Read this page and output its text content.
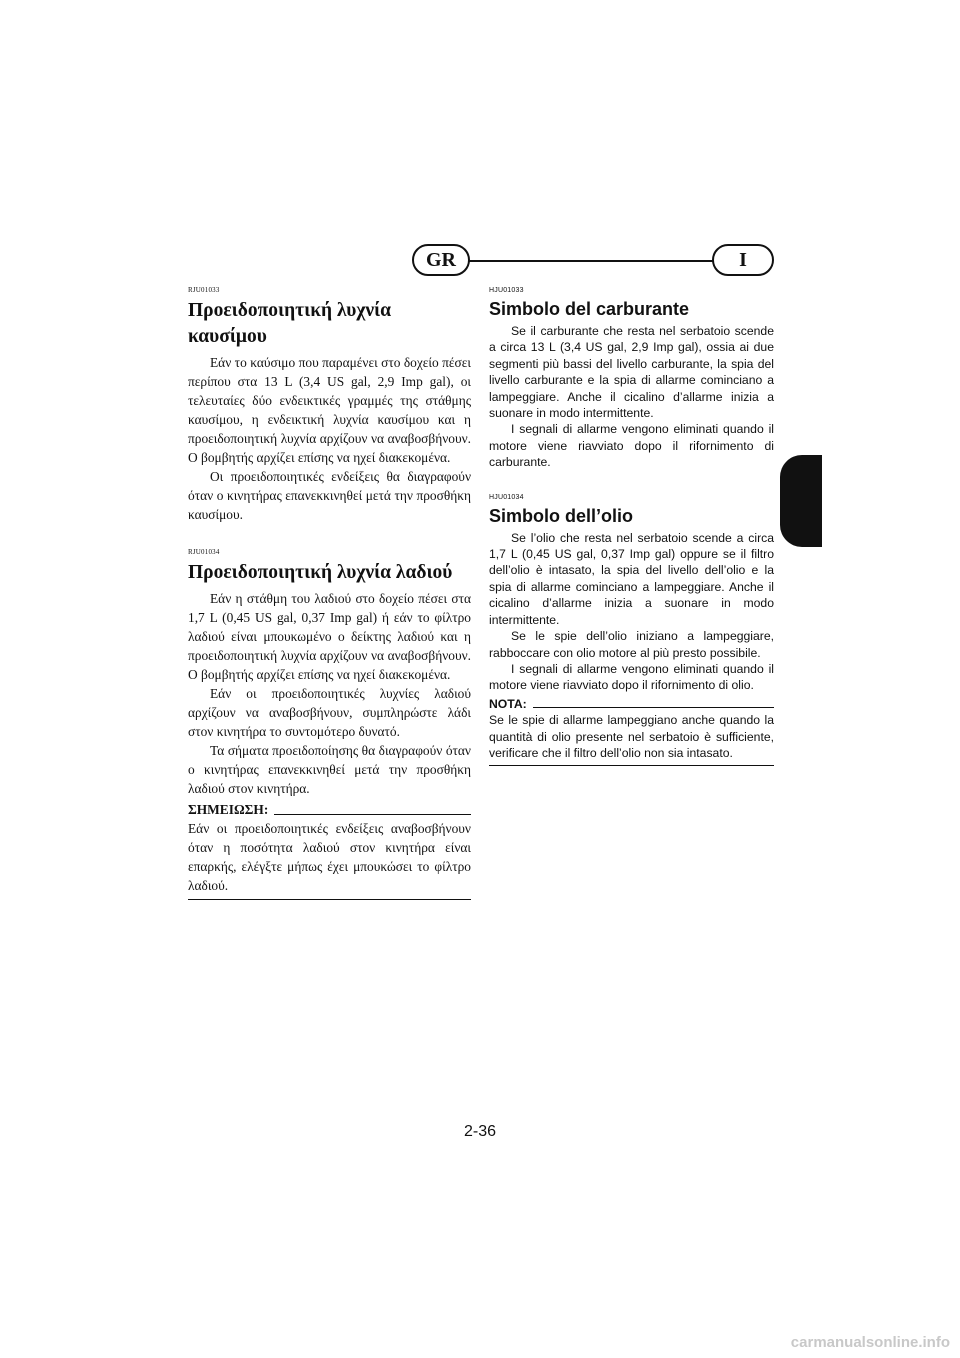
GR	I
RJU01033
Προειδοποιητική λυχνία
καυσίμου

Εάν το καύσιμο που παραμένει στο δοχείο πέσει περίπου στα 13 L (3,4 US gal, 2,9 Imp gal), οι τελευταίες δύο ενδεικτικές γραμμές της στάθμης καυσίμου, η ενδεικτική λυχνία καυσίμου και η προειδοποιητική λυχνία αρχίζουν να αναβοσβήνουν. Ο βομβητής αρχίζει επίσης να ηχεί διακεκομένα.

Οι προειδοποιητικές ενδείξεις θα διαγραφούν όταν ο κινητήρας επανεκκινηθεί μετά την προσθήκη καυσίμου.

RJU01034
Προειδοποιητική λυχνία λαδιού

Εάν η στάθμη του λαδιού στο δοχείο πέσει στα 1,7 L (0,45 US gal, 0,37 Imp gal) ή εάν το φίλτρο λαδιού είναι μπουκωμένο ο δείκτης λαδιού και η προειδοποιητική λυχνία αρχίζουν να αναβοσβήνουν. Ο βομβητής αρχίζει επίσης να ηχεί διακεκομένα.

Εάν οι προειδοποιητικές λυχνίες λαδιού αρχίζουν να αναβοσβήνουν, συμπληρώστε λάδι στον κινητήρα το συντομότερο δυνατό.

Τα σήματα προειδοποίησης θα διαγραφούν όταν ο κινητήρας επανεκκινηθεί μετά την προσθήκη λαδιού στον κινητήρα.

ΣΗΜΕΙΩΣΗ:

Εάν οι προειδοποιητικές ενδείξεις αναβοσβήνουν όταν η ποσότητα λαδιού στον κινητήρα είναι επαρκής, ελέγξτε μήπως έχει μπουκώσει το φίλτρο λαδιού.

HJU01033
Simbolo del carburante

Se il carburante che resta nel serbatoio scende a circa 13 L (3,4 US gal, 2,9 Imp gal), ossia ai due segmenti più bassi del livello carburante, la spia del livello carburante e la spia di allarme cominciano a lampeggiare. Anche il cicalino d’allarme inizia a suonare in modo intermittente.

I segnali di allarme vengono eliminati quando il motore viene riavviato dopo il rifornimento di carburante.

HJU01034
Simbolo dell’olio

Se l’olio che resta nel serbatoio scende a circa 1,7 L (0,45 US gal, 0,37 Imp gal) oppure se il filtro dell’olio è intasato, la spia del livello dell’olio e la spia di allarme cominciano a lampeggiare. Anche il cicalino d’allarme inizia a suonare in modo intermittente.

Se le spie dell’olio iniziano a lampeggiare, rabboccare con olio motore al più presto possibile.

I segnali di allarme vengono eliminati quando il motore viene riavviato dopo il rifornimento di olio.

NOTA:

Se le spie di allarme lampeggiano anche quando la quantità di olio presente nel serbatoio è sufficiente, verificare che il filtro dell’olio non sia intasato.

2-36
carmanualsonline.info
